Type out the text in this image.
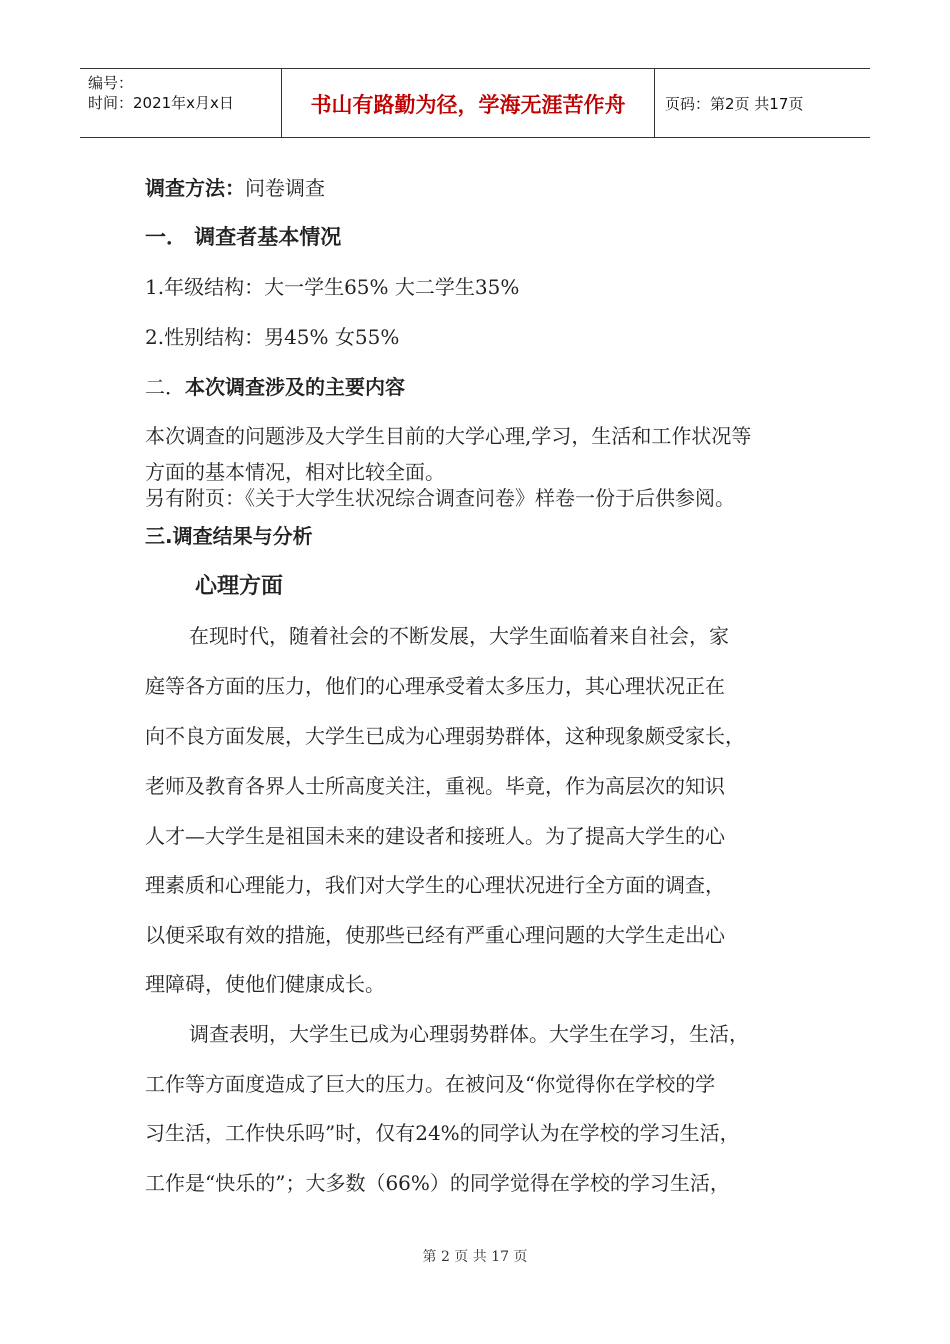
编号：
时间：2021年x月x日	书山有路勤为径，学海无涯苦作舟	页码：第2页 共17页
调查方法：问卷调查
一． 调查者基本情况
1.年级结构：大一学生65% 大二学生35%
2.性别结构：男45% 女55%
二．本次调查涉及的主要内容
本次调查的问题涉及大学生目前的大学心理,学习，生活和工作状况等
方面的基本情况，相对比较全面。
另有附页：《关于大学生状况综合调查问卷》样卷一份于后供参阅。
三.调查结果与分析
心理方面
在现时代，随着社会的不断发展，大学生面临着来自社会，家
庭等各方面的压力，他们的心理承受着太多压力，其心理状况正在
向不良方面发展，大学生已成为心理弱势群体，这种现象颇受家长，
老师及教育各界人士所高度关注，重视。毕竟，作为高层次的知识
人才—大学生是祖国未来的建设者和接班人。为了提高大学生的心
理素质和心理能力，我们对大学生的心理状况进行全方面的调查，
以便采取有效的措施，使那些已经有严重心理问题的大学生走出心
理障碍，使他们健康成长。
调查表明，大学生已成为心理弱势群体。大学生在学习，生活，
工作等方面度造成了巨大的压力。在被问及“你觉得你在学校的学
习生活，工作快乐吗”时，仅有24%的同学认为在学校的学习生活，
工作是“快乐的”；大多数（66%）的同学觉得在学校的学习生活，
第 2 页 共 17 页
